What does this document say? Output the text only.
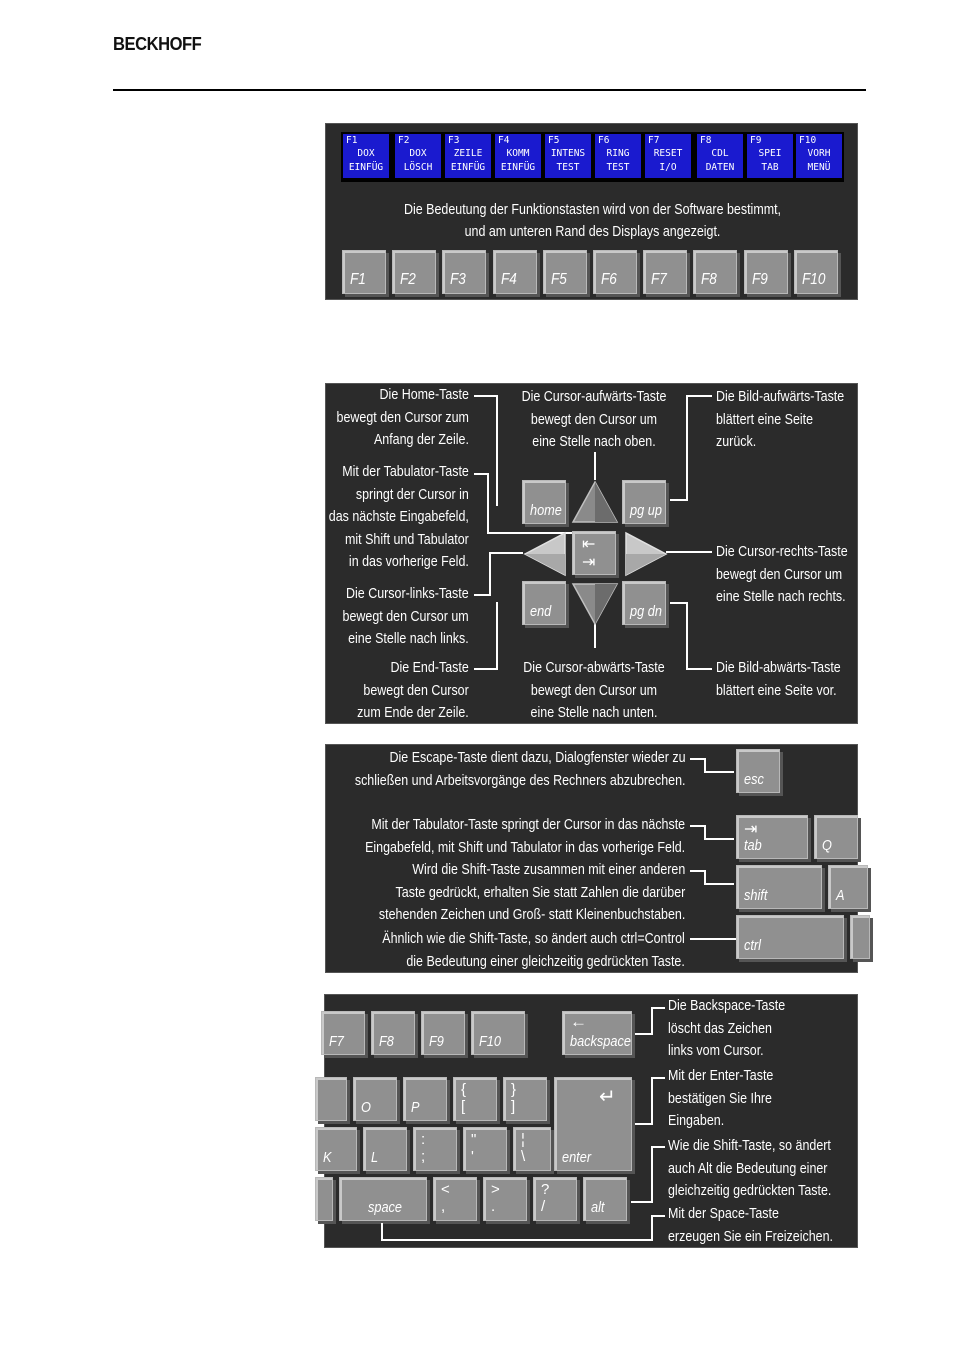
BECKHOFF
F1
DOX
EINFÜG
F2
DOX
LÖSCH
F3
ZEILE
EINFÜG
F4
KOMM
EINFÜG
F5
INTENS
TEST
F6
RING
TEST
F7
RESET
I/O
F8
CDL
DATEN
F9
SPEI
TAB
F10
VORH
MENÜ
Die Bedeutung der Funktionstasten wird von der Software bestimmt,
und am unteren Rand des Displays angezeigt.
F1 F2 F3 F4 F5 F6 F7 F8 F9 F10
Die Home-Taste
bewegt den Cursor zum
Anfang der Zeile.
Die Cursor-aufwärts-Taste
bewegt den Cursor um
eine Stelle nach oben.
Die Bild-aufwärts-Taste
blättert eine Seite
zurück.
Mit der Tabulator-Taste
springt der Cursor in
das nächste Eingabefeld,
mit Shift und Tabulator
in das vorherige Feld.
Die Cursor-rechts-Taste
bewegt den Cursor um
eine Stelle nach rechts.
Die Cursor-links-Taste
bewegt den Cursor um
eine Stelle nach links.
Die End-Taste
bewegt den Cursor
zum Ende der Zeile.
Die Cursor-abwärts-Taste
bewegt den Cursor um
eine Stelle nach unten.
Die Bild-abwärts-Taste
blättert eine Seite vor.
home	pg up
⇤
⇥
end	pg dn
Die Escape-Taste dient dazu, Dialogfenster wieder zu
schließen und Arbeitsvorgänge des Rechners abzubrechen.
Mit der Tabulator-Taste springt der Cursor in das nächste
Eingabefeld, mit Shift und Tabulator in das vorherige Feld.
Wird die Shift-Taste zusammen mit einer anderen
Taste gedrückt, erhalten Sie statt Zahlen die darüber
stehenden Zeichen und Groß- statt Kleinenbuchstaben.
Ähnlich wie die Shift-Taste, so ändert auch ctrl=Control
die Bedeutung einer gleichzeitig gedrückten Taste.
esc
⇥
tab	Q
shift	A
ctrl
F7 F8 F9 F10
←
backspace
O	P
{
[
}
]	↵
enter
K	L
:
;
"
'
¦
\
space
<
,
>
.
?
/	alt
Die Backspace-Taste
löscht das Zeichen
links vom Cursor.
Mit der Enter-Taste
bestätigen Sie Ihre
Eingaben.
Wie die Shift-Taste, so ändert
auch Alt die Bedeutung einer
gleichzeitig gedrückten Taste.
Mit der Space-Taste
erzeugen Sie ein Freizeichen.
